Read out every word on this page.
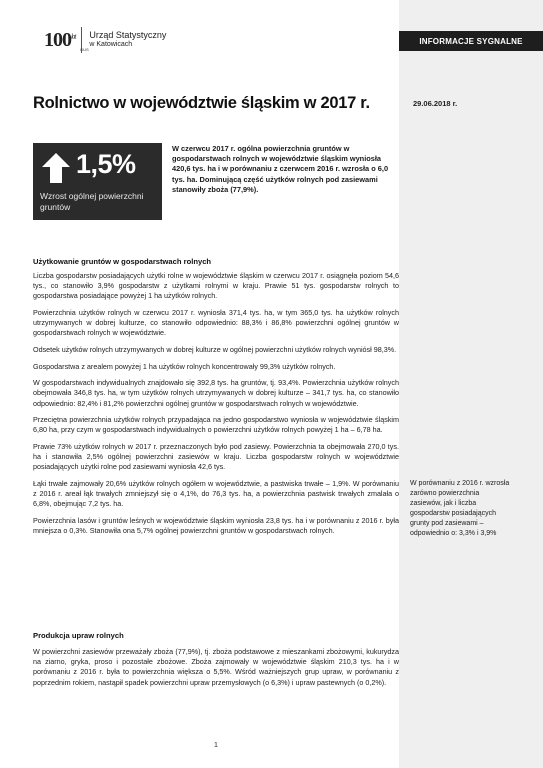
$100^{lat}$
GUS
Urząd Statystyczny
w Katowicach	INFORMACJE SYGNALNE
Rolnictwo w województwie śląskim w 2017 r.	29.06.2018 r.
1,5%
Wzrost ogólnej powierzchni gruntów
W czerwcu 2017 r. ogólna powierzchnia gruntów w gospodarstwach rolnych w województwie śląskim wyniosła 420,6 tys. ha i w porównaniu z czerwcem 2016 r. wzrosła o 6,0 tys. ha. Dominującą część użytków rolnych pod zasiewami stanowiły zboża (77,9%).
Użytkowanie gruntów w gospodarstwach rolnych

Liczba gospodarstw posiadających użytki rolne w województwie śląskim w czerwcu 2017 r. osiągnęła poziom 54,6 tys., co stanowiło 3,9% gospodarstw z użytkami rolnymi w kraju. Prawie 51 tys. gospodarstw rolnych to gospodarstwa posiadające powyżej 1 ha użytków rolnych.

Powierzchnia użytków rolnych w czerwcu 2017 r. wyniosła 371,4 tys. ha, w tym 365,0 tys. ha użytków rolnych utrzymywanych w dobrej kulturze, co stanowiło odpowiednio: 88,3% i 86,8% powierzchni ogólnej gruntów w gospodarstwach rolnych w województwie.

Odsetek użytków rolnych utrzymywanych w dobrej kulturze w ogólnej powierzchni użytków rolnych wyniósł 98,3%.

Gospodarstwa z arealem powyżej 1 ha użytków rolnych koncentrowały 99,3% użytków rolnych.

W gospodarstwach indywidualnych znajdowało się 392,8 tys. ha gruntów, tj. 93,4%. Powierzchnia użytków rolnych obejmowała 346,8 tys. ha, w tym użytków rolnych utrzymywanych w dobrej kulturze – 341,7 tys. ha, co stanowiło odpowiednio: 82,4% i 81,2% powierzchni ogólnej gruntów w gospodarstwach rolnych w województwie.

Przeciętna powierzchnia użytków rolnych przypadająca na jedno gospodarstwo wyniosła w województwie śląskim 6,80 ha, przy czym w gospodarstwach indywidualnych o powierzchni użytków rolnych powyżej 1 ha – 6,78 ha.

Prawie 73% użytków rolnych w 2017 r. przeznaczonych było pod zasiewy. Powierzchnia ta obejmowała 270,0 tys. ha i stanowiła 2,5% ogólnej powierzchni zasiewów w kraju. Liczba gospodarstw rolnych w województwie posiadających użytki rolne pod zasiewami wyniosła 42,6 tys.

Łąki trwałe zajmowały 20,6% użytków rolnych ogółem w województwie, a pastwiska trwałe – 1,9%. W porównaniu z 2016 r. areał łąk trwałych zmniejszył się o 4,1%, do 76,3 tys. ha, a powierzchnia pastwisk trwałych zmalała o 6,8%, obejmując 7,2 tys. ha.

Powierzchnia lasów i gruntów leśnych w województwie śląskim wyniosła 23,8 tys. ha i w porównaniu z 2016 r. była mniejsza o 0,3%. Stanowiła ona 5,7% ogólnej powierzchni gruntów w gospodarstwach rolnych.

Produkcja upraw rolnych

W powierzchni zasiewów przeważały zboża (77,9%), tj. zboża podstawowe z mieszankami zbożowymi, kukurydza na ziarno, gryka, proso i pozostałe zbożowe. Zboża zajmowały w województwie śląskim 210,3 tys. ha i w porównaniu z 2016 r. była to powierzchnia większa o 5,5%. Wśród ważniejszych grup upraw, w porównaniu z poprzednim rokiem, nastąpił spadek powierzchni upraw przemysłowych (o 6,3%) i upraw pastewnych (o 0,2%).

W porównaniu z 2016 r. wzrosła zarówno powierzchnia zasiewów, jak i liczba gospodarstw posiadających grunty pod zasiewami – odpowiednio o: 3,3% i 3,9%
1
